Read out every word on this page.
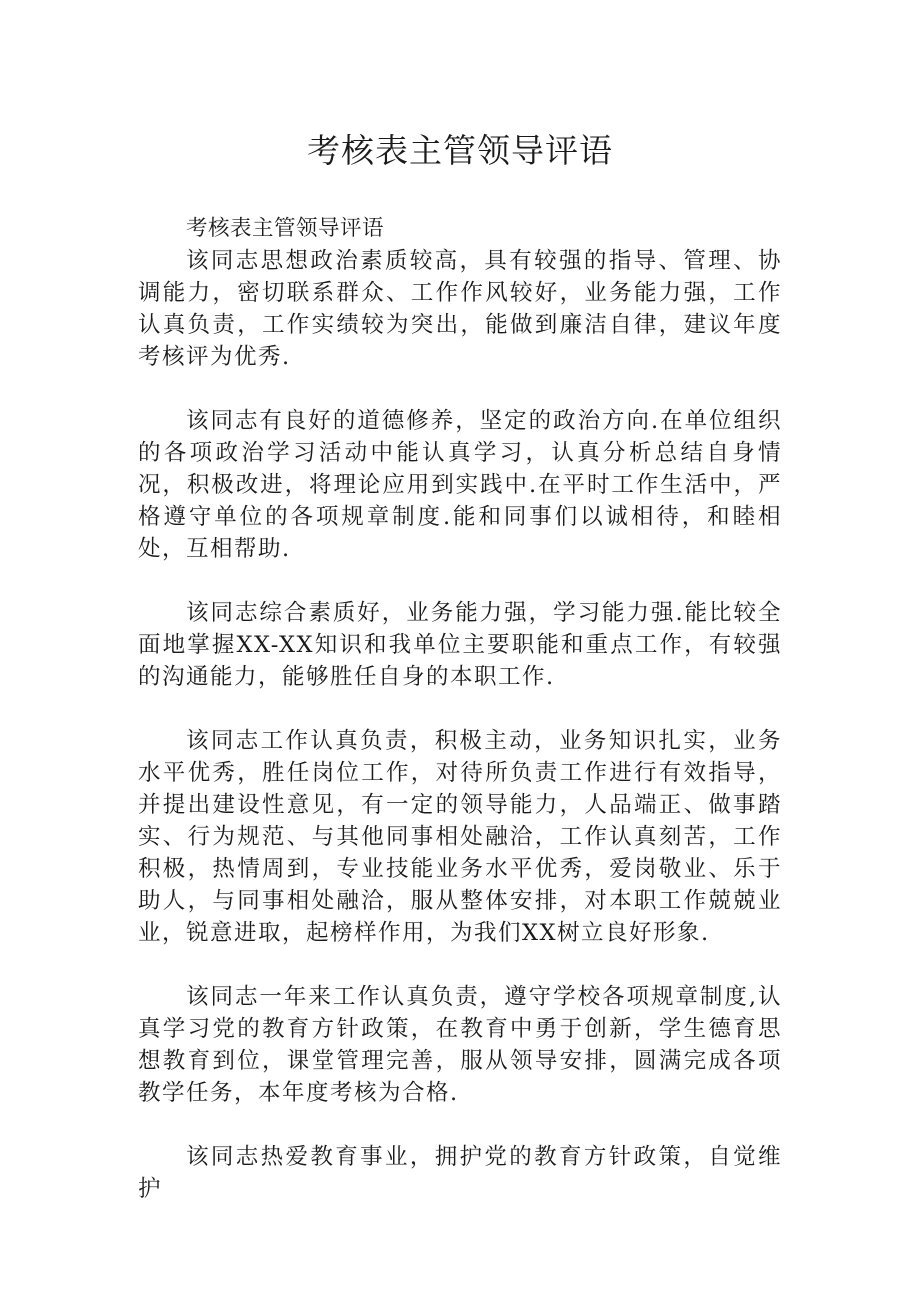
考核表主管领导评语

考核表主管领导评语

该同志思想政治素质较高，具有较强的指导、管理、协调能力，密切联系群众、工作作风较好，业务能力强，工作认真负责，工作实绩较为突出，能做到廉洁自律，建议年度考核评为优秀.

该同志有良好的道德修养，坚定的政治方向.在单位组织的各项政治学习活动中能认真学习，认真分析总结自身情况，积极改进，将理论应用到实践中.在平时工作生活中，严格遵守单位的各项规章制度.能和同事们以诚相待，和睦相处，互相帮助.

该同志综合素质好，业务能力强，学习能力强.能比较全面地掌握XX-XX知识和我单位主要职能和重点工作，有较强的沟通能力，能够胜任自身的本职工作.

该同志工作认真负责，积极主动，业务知识扎实，业务水平优秀，胜任岗位工作，对待所负责工作进行有效指导，并提出建设性意见，有一定的领导能力，人品端正、做事踏实、行为规范、与其他同事相处融洽，工作认真刻苦，工作积极，热情周到，专业技能业务水平优秀，爱岗敬业、乐于助人，与同事相处融洽，服从整体安排，对本职工作兢兢业业，锐意进取，起榜样作用，为我们XX树立良好形象.

该同志一年来工作认真负责，遵守学校各项规章制度,认真学习党的教育方针政策，在教育中勇于创新，学生德育思想教育到位，课堂管理完善，服从领导安排，圆满完成各项教学任务，本年度考核为合格.

该同志热爱教育事业，拥护党的教育方针政策，自觉维护
